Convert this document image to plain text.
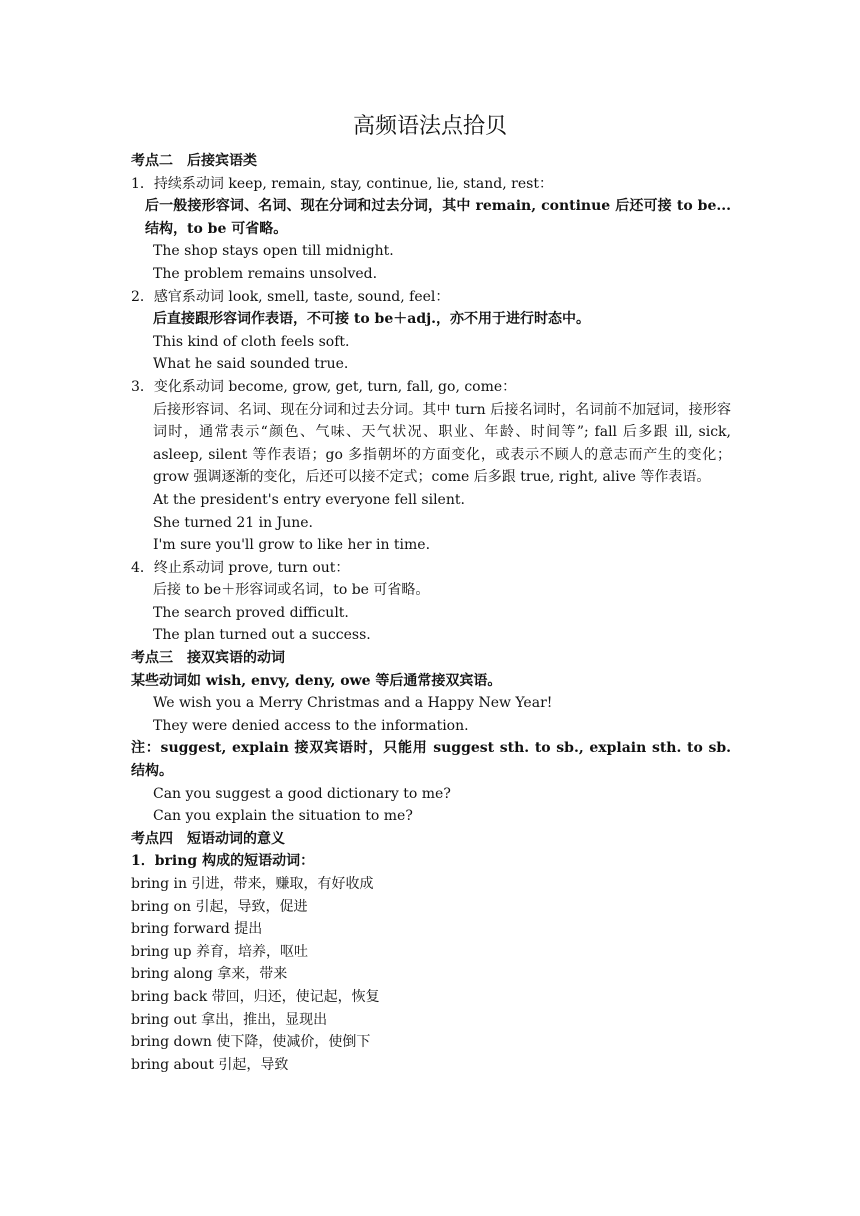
高频语法点拾贝

考点二　后接宾语类

1．持续系动词 keep, remain, stay, continue, lie, stand, rest：

后一般接形容词、名词、现在分词和过去分词，其中 remain, continue 后还可接 to be... 结构，to be 可省略。

The shop stays open till midnight.

The problem remains unsolved.

2．感官系动词 look, smell, taste, sound, feel：

后直接跟形容词作表语，不可接 to be＋adj.，亦不用于进行时态中。

This kind of cloth feels soft.

What he said sounded true.

3．变化系动词 become, grow, get, turn, fall, go, come：

后接形容词、名词、现在分词和过去分词。其中 turn 后接名词时，名词前不加冠词，接形容词时，通常表示“颜色、气味、天气状况、职业、年龄、时间等”; fall 后多跟 ill, sick, asleep, silent 等作表语；go 多指朝坏的方面变化，或表示不顾人的意志而产生的变化；grow 强调逐渐的变化，后还可以接不定式；come 后多跟 true, right, alive 等作表语。

At the president's entry everyone fell silent.

She turned 21 in June.

I'm sure you'll grow to like her in time.

4．终止系动词 prove, turn out：

后接 to be＋形容词或名词，to be 可省略。

The search proved difficult.

The plan turned out a success.

考点三　接双宾语的动词

某些动词如 wish, envy, deny, owe 等后通常接双宾语。

We wish you a Merry Christmas and a Happy New Year!

They were denied access to the information.

注：suggest, explain 接双宾语时，只能用 suggest sth. to sb., explain sth. to sb. 结构。

Can you suggest a good dictionary to me?

Can you explain the situation to me?

考点四　短语动词的意义

1．bring 构成的短语动词：

bring in 引进，带来，赚取，有好收成

bring on 引起，导致，促进

bring forward 提出

bring up 养育，培养，呕吐

bring along 拿来，带来

bring back 带回，归还，使记起，恢复

bring out 拿出，推出，显现出

bring down 使下降，使减价，使倒下

bring about 引起，导致
